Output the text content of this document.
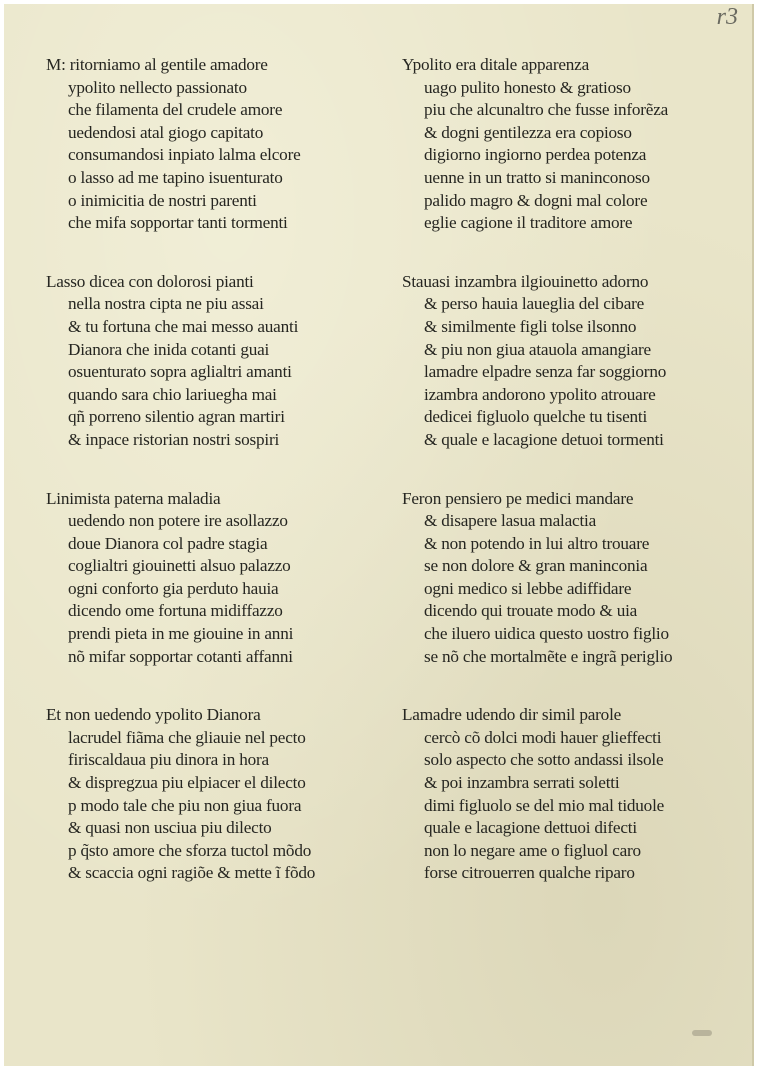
r3
M: ritorniamo al gentile amadore
ypolito nellecto passionato
che filamenta del crudele amore
uedendosi atal giogo capitato
consumandosi inpiato lalma elcore
o lasso ad me tapino isuenturato
o inimicitia de nostri parenti
che mifa sopportar tanti tormenti
Lasso dicea con dolorosi pianti
nella nostra cipta ne piu assai
& tu fortuna che mai messo auanti
Dianora che inida cotanti guai
osuenturato sopra aglialtri amanti
quando sara chio lariuegha mai
qñ porreno silentio agran martiri
& inpace ristorian nostri sospiri
Linimista paterna maladia
uedendo non potere ire asollazzo
doue Dianora col padre stagia
coglialtri giouinetti alsuo palazzo
ogni conforto gia perduto hauia
dicendo ome fortuna midiffazzo
prendi pieta in me giouine in anni
nõ mifar sopportar cotanti affanni
Et non uedendo ypolito Dianora
lacrudel fiãma che gliauie nel pecto
firiscaldaua piu dinora in hora
& dispregzua piu elpiacer el dilecto
p modo tale che piu non giua fuora
& quasi non usciua piu dilecto
p q̃sto amore che sforza tuctol mõdo
& scaccia ogni ragiõe & mette ĩ fõdo
Ypolito era ditale apparenza
uago pulito honesto & gratioso
piu che alcunaltro che fusse inforẽza
& dogni gentilezza era copioso
digiorno ingiorno perdea potenza
uenne in un tratto si maninconoso
palido magro & dogni mal colore
eglie cagione il traditore amore
Stauasi inzambra ilgiouinetto adorno
& perso hauia laueglia del cibare
& similmente figli tolse ilsonno
& piu non giua atauola amangiare
lamadre elpadre senza far soggiorno
izambra andorono ypolito atrouare
dedicei figluolo quelche tu tisenti
& quale e lacagione detuoi tormenti
Feron pensiero pe medici mandare
& disapere lasua malactia
& non potendo in lui altro trouare
se non dolore & gran maninconia
ogni medico si lebbe adiffidare
dicendo qui trouate modo & uia
che iluero uidica questo uostro figlio
se nõ che mortalmẽte e ingrã periglio
Lamadre udendo dir simil parole
cercò cõ dolci modi hauer glieffecti
solo aspecto che sotto andassi ilsole
& poi inzambra serrati soletti
dimi figluolo se del mio mal tiduole
quale e lacagione dettuoi difecti
non lo negare ame o figluol caro
forse citrouerren qualche riparo
